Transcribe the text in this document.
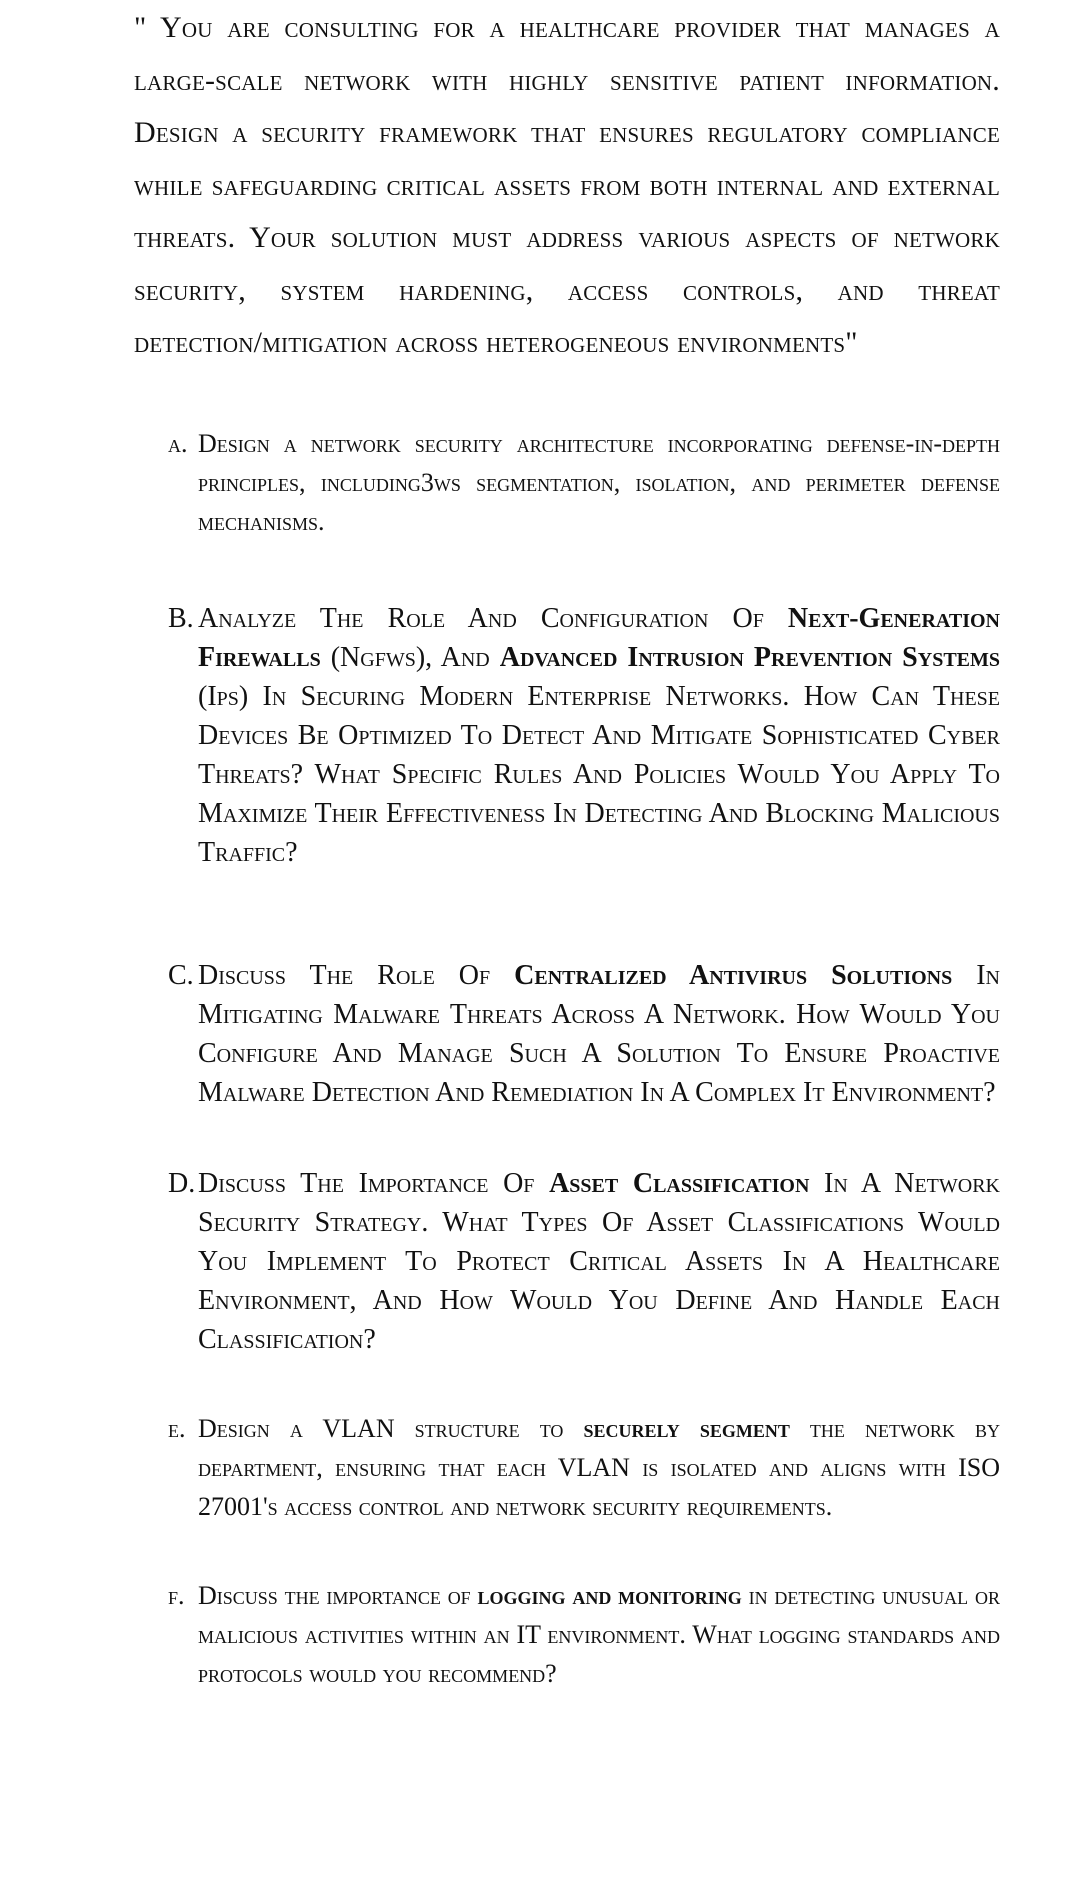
" You are consulting for a healthcare provider that manages a large-scale network with highly sensitive patient information. Design a security framework that ensures regulatory compliance while safeguarding critical assets from both internal and external threats. Your solution must address various aspects of network security, system hardening, access controls, and threat detection/mitigation across heterogeneous environments"

a. Design a network security architecture incorporating defense-in-depth principles, including3ws segmentation, isolation, and perimeter defense mechanisms.
B. Analyze The Role And Configuration Of Next-Generation Firewalls (Ngfws), And Advanced Intrusion Prevention Systems (Ips) In Securing Modern Enterprise Networks. How Can These Devices Be Optimized To Detect And Mitigate Sophisticated Cyber Threats? What Specific Rules And Policies Would You Apply To Maximize Their Effectiveness In Detecting And Blocking Malicious Traffic?
C. Discuss The Role Of Centralized Antivirus Solutions In Mitigating Malware Threats Across A Network. How Would You Configure And Manage Such A Solution To Ensure Proactive Malware Detection And Remediation In A Complex It Environment?
D. Discuss The Importance Of Asset Classification In A Network Security Strategy. What Types Of Asset Classifications Would You Implement To Protect Critical Assets In A Healthcare Environment, And How Would You Define And Handle Each Classification?
e. Design a VLAN structure to securely segment the network by department, ensuring that each VLAN is isolated and aligns with ISO 27001's access control and network security requirements.
f. Discuss the importance of logging and monitoring in detecting unusual or malicious activities within an IT environment. What logging standards and protocols would you recommend?
